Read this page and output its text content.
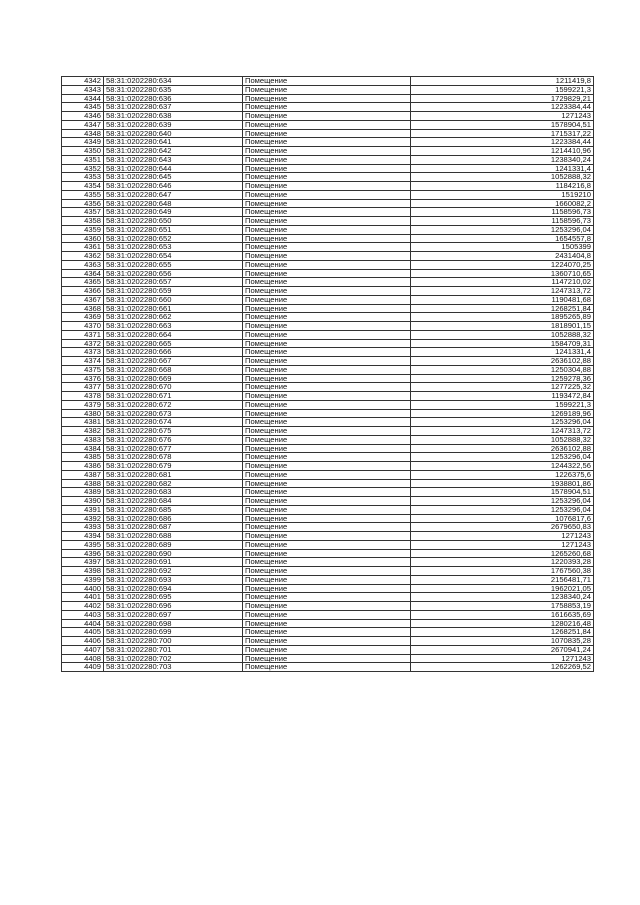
4342	58:31:0202280:634	Помещение	1211419,8
4343	58:31:0202280:635	Помещение	1599221,3
4344	58:31:0202280:636	Помещение	1729829,21
4345	58:31:0202280:637	Помещение	1223384,44
4346	58:31:0202280:638	Помещение	1271243
4347	58:31:0202280:639	Помещение	1578904,51
4348	58:31:0202280:640	Помещение	1715317,22
4349	58:31:0202280:641	Помещение	1223384,44
4350	58:31:0202280:642	Помещение	1214410,96
4351	58:31:0202280:643	Помещение	1238340,24
4352	58:31:0202280:644	Помещение	1241331,4
4353	58:31:0202280:645	Помещение	1052888,32
4354	58:31:0202280:646	Помещение	1184216,8
4355	58:31:0202280:647	Помещение	1519210
4356	58:31:0202280:648	Помещение	1660082,2
4357	58:31:0202280:649	Помещение	1158596,73
4358	58:31:0202280:650	Помещение	1158596,73
4359	58:31:0202280:651	Помещение	1253296,04
4360	58:31:0202280:652	Помещение	1654557,8
4361	58:31:0202280:653	Помещение	1505399
4362	58:31:0202280:654	Помещение	2431404,8
4363	58:31:0202280:655	Помещение	1224070,25
4364	58:31:0202280:656	Помещение	1360710,65
4365	58:31:0202280:657	Помещение	1147210,02
4366	58:31:0202280:659	Помещение	1247313,72
4367	58:31:0202280:660	Помещение	1190481,68
4368	58:31:0202280:661	Помещение	1268251,84
4369	58:31:0202280:662	Помещение	1895265,89
4370	58:31:0202280:663	Помещение	1818901,15
4371	58:31:0202280:664	Помещение	1052888,32
4372	58:31:0202280:665	Помещение	1584709,31
4373	58:31:0202280:666	Помещение	1241331,4
4374	58:31:0202280:667	Помещение	2636102,88
4375	58:31:0202280:668	Помещение	1250304,88
4376	58:31:0202280:669	Помещение	1259278,36
4377	58:31:0202280:670	Помещение	1277225,32
4378	58:31:0202280:671	Помещение	1193472,84
4379	58:31:0202280:672	Помещение	1599221,3
4380	58:31:0202280:673	Помещение	1269189,96
4381	58:31:0202280:674	Помещение	1253296,04
4382	58:31:0202280:675	Помещение	1247313,72
4383	58:31:0202280:676	Помещение	1052888,32
4384	58:31:0202280:677	Помещение	2636102,88
4385	58:31:0202280:678	Помещение	1253296,04
4386	58:31:0202280:679	Помещение	1244322,56
4387	58:31:0202280:681	Помещение	1226375,6
4388	58:31:0202280:682	Помещение	1938801,86
4389	58:31:0202280:683	Помещение	1578904,51
4390	58:31:0202280:684	Помещение	1253296,04
4391	58:31:0202280:685	Помещение	1253296,04
4392	58:31:0202280:686	Помещение	1076817,6
4393	58:31:0202280:687	Помещение	2679650,83
4394	58:31:0202280:688	Помещение	1271243
4395	58:31:0202280:689	Помещение	1271243
4396	58:31:0202280:690	Помещение	1265260,68
4397	58:31:0202280:691	Помещение	1220393,28
4398	58:31:0202280:692	Помещение	1767560,38
4399	58:31:0202280:693	Помещение	2156481,71
4400	58:31:0202280:694	Помещение	1962021,05
4401	58:31:0202280:695	Помещение	1238340,24
4402	58:31:0202280:696	Помещение	1758853,19
4403	58:31:0202280:697	Помещение	1616635,69
4404	58:31:0202280:698	Помещение	1280216,48
4405	58:31:0202280:699	Помещение	1268251,84
4406	58:31:0202280:700	Помещение	1070835,28
4407	58:31:0202280:701	Помещение	2670941,24
4408	58:31:0202280:702	Помещение	1271243
4409	58:31:0202280:703	Помещение	1262269,52
